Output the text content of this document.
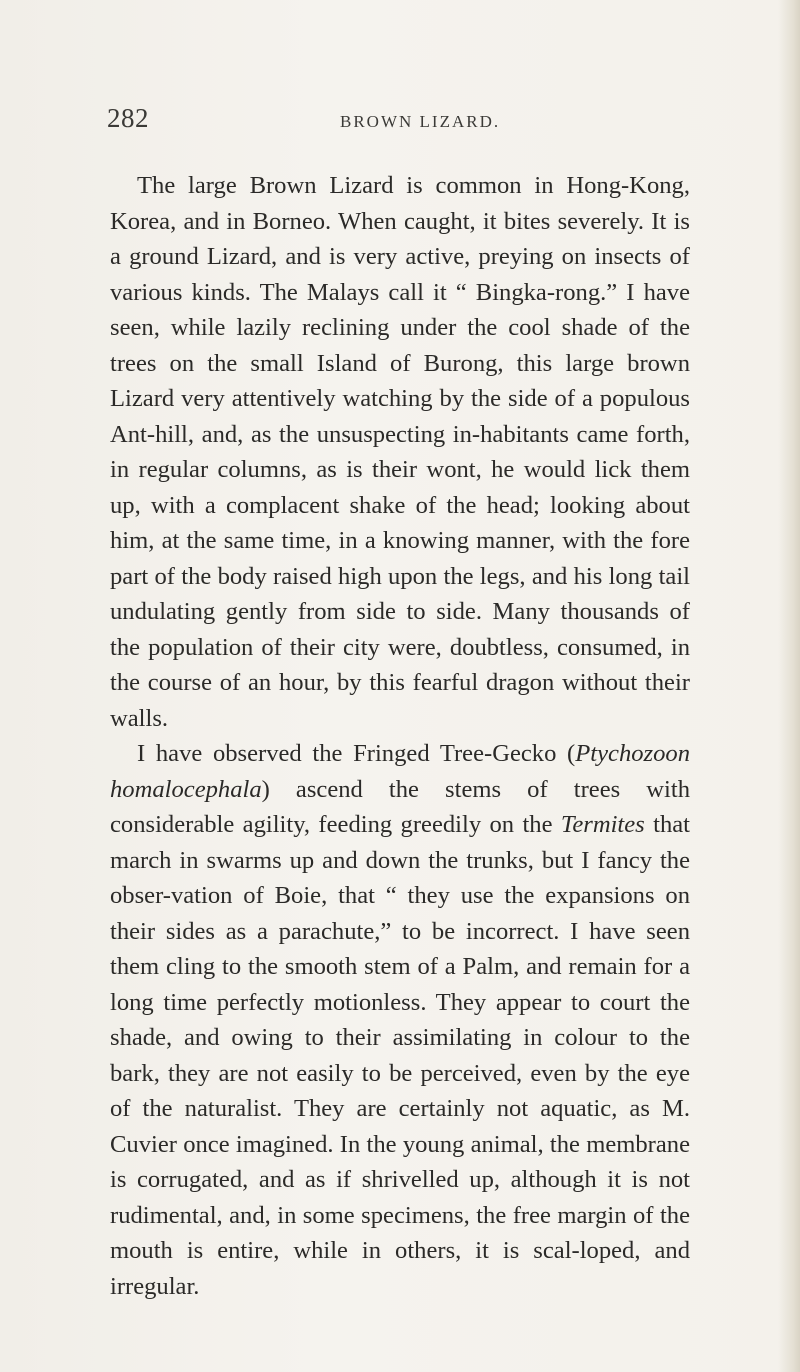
282	BROWN LIZARD.

The large Brown Lizard is common in Hong-Kong, Korea, and in Borneo. When caught, it bites severely. It is a ground Lizard, and is very active, preying on insects of various kinds. The Malays call it “ Bingka-rong.” I have seen, while lazily reclining under the cool shade of the trees on the small Island of Burong, this large brown Lizard very attentively watching by the side of a populous Ant-hill, and, as the unsuspecting in-habitants came forth, in regular columns, as is their wont, he would lick them up, with a complacent shake of the head; looking about him, at the same time, in a knowing manner, with the fore part of the body raised high upon the legs, and his long tail undulating gently from side to side. Many thousands of the population of their city were, doubtless, consumed, in the course of an hour, by this fearful dragon without their walls.

I have observed the Fringed Tree-Gecko (Ptychozoon homalocephala) ascend the stems of trees with considerable agility, feeding greedily on the Termites that march in swarms up and down the trunks, but I fancy the obser-vation of Boie, that “ they use the expansions on their sides as a parachute,” to be incorrect. I have seen them cling to the smooth stem of a Palm, and remain for a long time perfectly motionless. They appear to court the shade, and owing to their assimilating in colour to the bark, they are not easily to be perceived, even by the eye of the naturalist. They are certainly not aquatic, as M. Cuvier once imagined. In the young animal, the membrane is corrugated, and as if shrivelled up, although it is not rudimental, and, in some specimens, the free margin of the mouth is entire, while in others, it is scal-loped, and irregular.
